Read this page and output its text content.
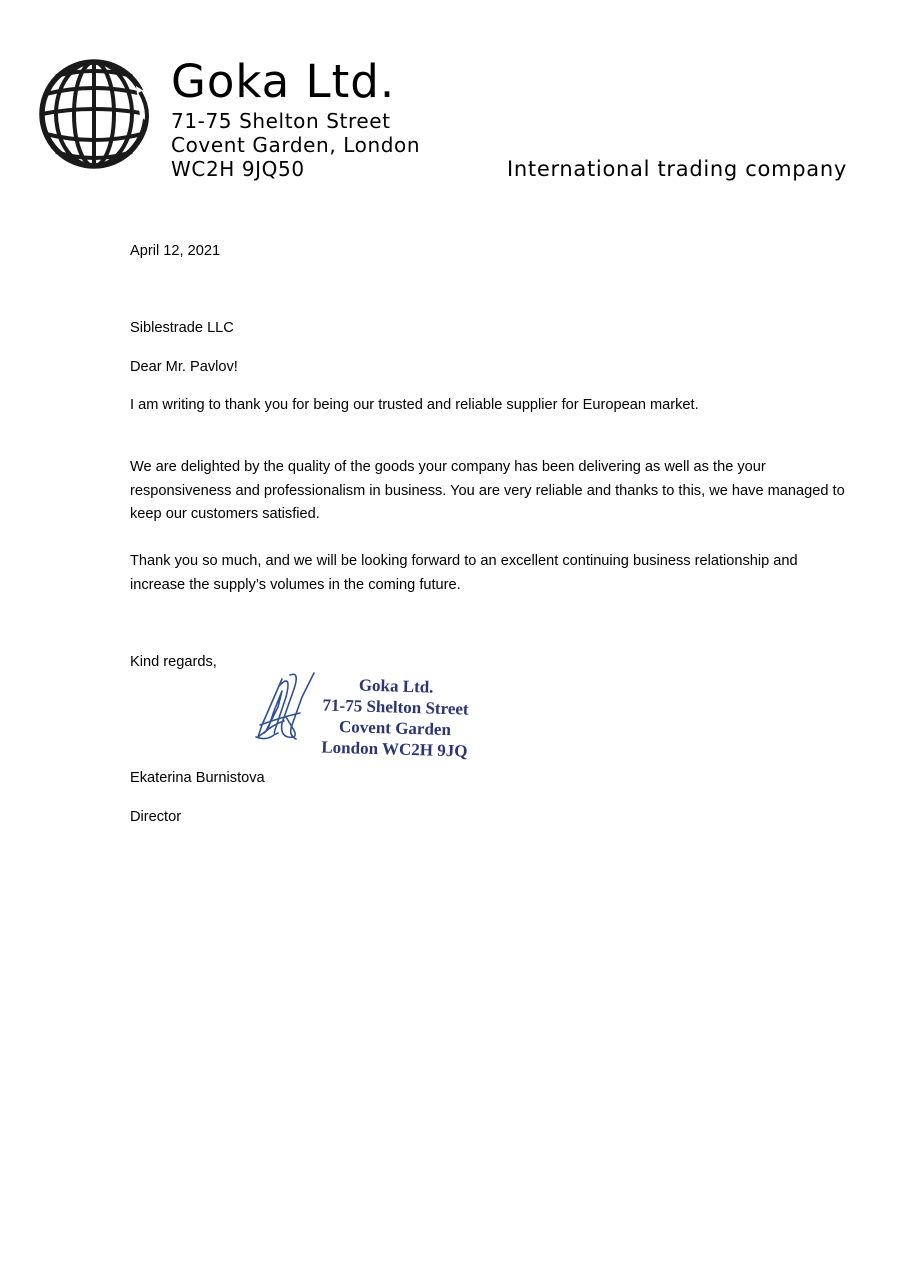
Goka Ltd.
71-75 Shelton Street
Covent Garden, London
WC2H 9JQ50	International trading company

April 12, 2021

Siblestrade LLC

Dear Mr. Pavlov!

I am writing to thank you for being our trusted and reliable supplier for European market.

We are delighted by the quality of the goods your company has been delivering as well as the your responsiveness and professionalism in business. You are very reliable and thanks to this, we have managed to keep our customers satisfied.

Thank you so much, and we will be looking forward to an excellent continuing business relationship and increase the supply’s volumes in the coming future.

Kind regards,

Goka Ltd.
71-75 Shelton Street
Covent Garden
London WC2H 9JQ

Ekaterina Burnistova

Director
